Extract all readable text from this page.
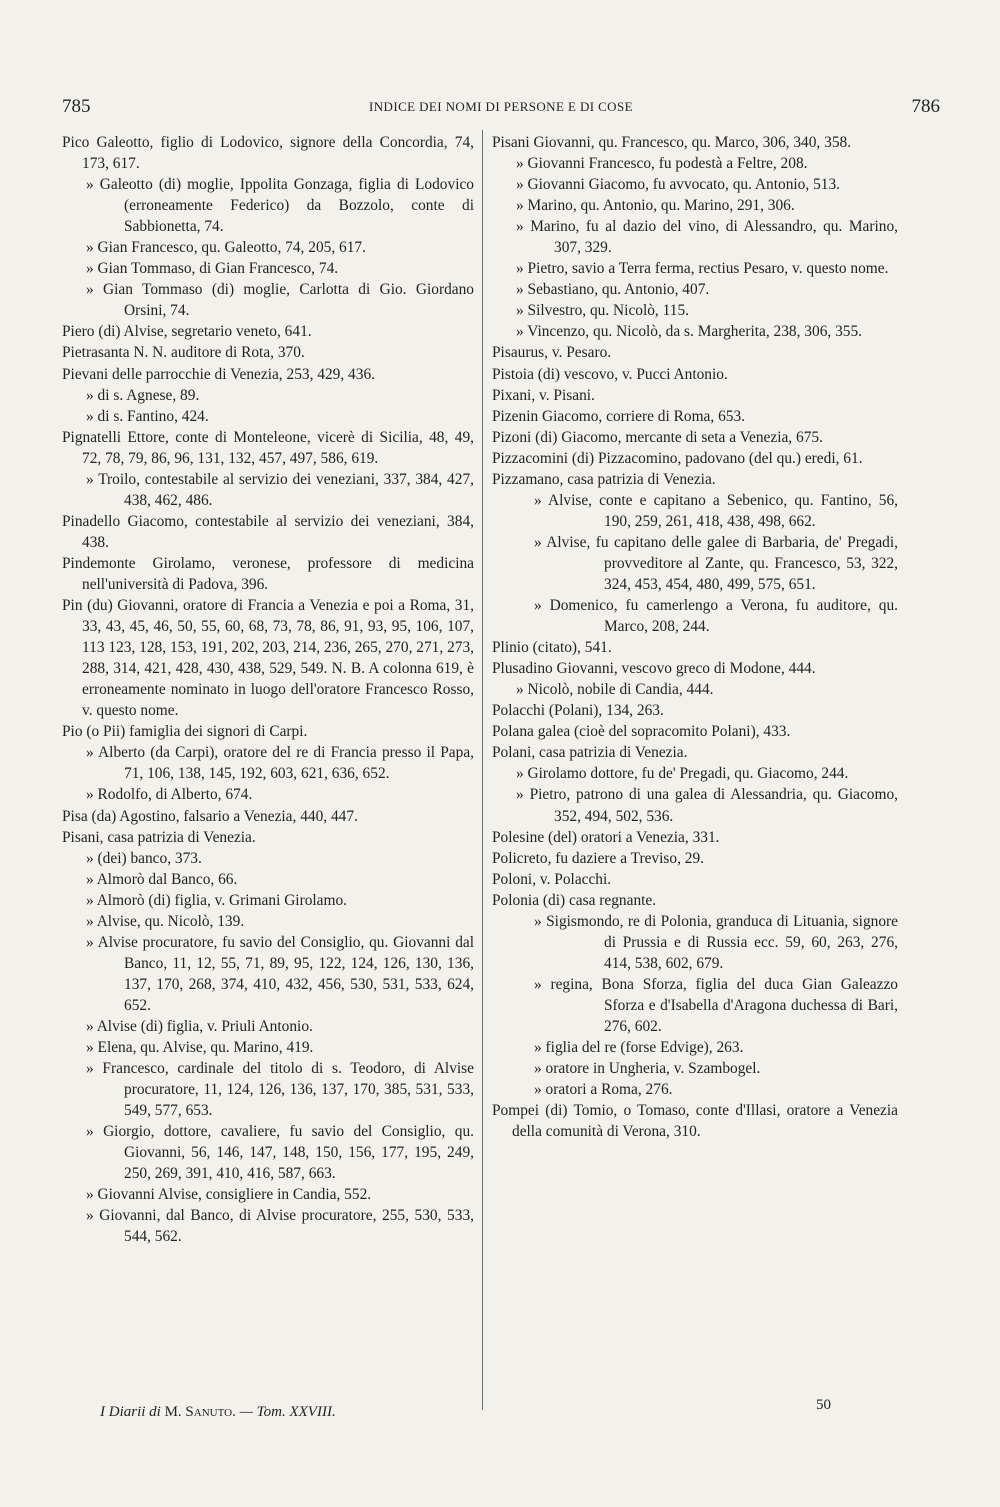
785	INDICE DEI NOMI DI PERSONE E DI COSE	786

Pico Galeotto, figlio di Lodovico, signore della Concordia, 74, 173, 617.

» Galeotto (di) moglie, Ippolita Gonzaga, figlia di Lodovico (erroneamente Federico) da Bozzolo, conte di Sabbionetta, 74.

» Gian Francesco, qu. Galeotto, 74, 205, 617.

» Gian Tommaso, di Gian Francesco, 74.

» Gian Tommaso (di) moglie, Carlotta di Gio. Giordano Orsini, 74.

Piero (di) Alvise, segretario veneto, 641.

Pietrasanta N. N. auditore di Rota, 370.

Pievani delle parrocchie di Venezia, 253, 429, 436.

» di s. Agnese, 89.

» di s. Fantino, 424.

Pignatelli Ettore, conte di Monteleone, vicerè di Sicilia, 48, 49, 72, 78, 79, 86, 96, 131, 132, 457, 497, 586, 619.

» Troilo, contestabile al servizio dei veneziani, 337, 384, 427, 438, 462, 486.

Pinadello Giacomo, contestabile al servizio dei veneziani, 384, 438.

Pindemonte Girolamo, veronese, professore di medicina nell'università di Padova, 396.

Pin (du) Giovanni, oratore di Francia a Venezia e poi a Roma, 31, 33, 43, 45, 46, 50, 55, 60, 68, 73, 78, 86, 91, 93, 95, 106, 107, 113 123, 128, 153, 191, 202, 203, 214, 236, 265, 270, 271, 273, 288, 314, 421, 428, 430, 438, 529, 549. N. B. A colonna 619, è erroneamente nominato in luogo dell'oratore Francesco Rosso, v. questo nome.

Pio (o Pii) famiglia dei signori di Carpi.

» Alberto (da Carpi), oratore del re di Francia presso il Papa, 71, 106, 138, 145, 192, 603, 621, 636, 652.

» Rodolfo, di Alberto, 674.

Pisa (da) Agostino, falsario a Venezia, 440, 447.

Pisani, casa patrizia di Venezia.

» (dei) banco, 373.

» Almorò dal Banco, 66.

» Almorò (di) figlia, v. Grimani Girolamo.

» Alvise, qu. Nicolò, 139.

» Alvise procuratore, fu savio del Consiglio, qu. Giovanni dal Banco, 11, 12, 55, 71, 89, 95, 122, 124, 126, 130, 136, 137, 170, 268, 374, 410, 432, 456, 530, 531, 533, 624, 652.

» Alvise (di) figlia, v. Priuli Antonio.

» Elena, qu. Alvise, qu. Marino, 419.

» Francesco, cardinale del titolo di s. Teodoro, di Alvise procuratore, 11, 124, 126, 136, 137, 170, 385, 531, 533, 549, 577, 653.

» Giorgio, dottore, cavaliere, fu savio del Consiglio, qu. Giovanni, 56, 146, 147, 148, 150, 156, 177, 195, 249, 250, 269, 391, 410, 416, 587, 663.

» Giovanni Alvise, consigliere in Candia, 552.

» Giovanni, dal Banco, di Alvise procuratore, 255, 530, 533, 544, 562.

Pisani Giovanni, qu. Francesco, qu. Marco, 306, 340, 358.

» Giovanni Francesco, fu podestà a Feltre, 208.

» Giovanni Giacomo, fu avvocato, qu. Antonio, 513.

» Marino, qu. Antonio, qu. Marino, 291, 306.

» Marino, fu al dazio del vino, di Alessandro, qu. Marino, 307, 329.

» Pietro, savio a Terra ferma, rectius Pesaro, v. questo nome.

» Sebastiano, qu. Antonio, 407.

» Silvestro, qu. Nicolò, 115.

» Vincenzo, qu. Nicolò, da s. Margherita, 238, 306, 355.

Pisaurus, v. Pesaro.

Pistoia (di) vescovo, v. Pucci Antonio.

Pixani, v. Pisani.

Pizenin Giacomo, corriere di Roma, 653.

Pizoni (di) Giacomo, mercante di seta a Venezia, 675.

Pizzacomini (di) Pizzacomino, padovano (del qu.) eredi, 61.

Pizzamano, casa patrizia di Venezia.

» Alvise, conte e capitano a Sebenico, qu. Fantino, 56, 190, 259, 261, 418, 438, 498, 662.

» Alvise, fu capitano delle galee di Barbaria, de' Pregadi, provveditore al Zante, qu. Francesco, 53, 322, 324, 453, 454, 480, 499, 575, 651.

» Domenico, fu camerlengo a Verona, fu auditore, qu. Marco, 208, 244.

Plinio (citato), 541.

Plusadino Giovanni, vescovo greco di Modone, 444.

» Nicolò, nobile di Candia, 444.

Polacchi (Polani), 134, 263.

Polana galea (cioè del sopracomito Polani), 433.

Polani, casa patrizia di Venezia.

» Girolamo dottore, fu de' Pregadi, qu. Giacomo, 244.

» Pietro, patrono di una galea di Alessandria, qu. Giacomo, 352, 494, 502, 536.

Polesine (del) oratori a Venezia, 331.

Policreto, fu daziere a Treviso, 29.

Poloni, v. Polacchi.

Polonia (di) casa regnante.

» Sigismondo, re di Polonia, granduca di Lituania, signore di Prussia e di Russia ecc. 59, 60, 263, 276, 414, 538, 602, 679.

» regina, Bona Sforza, figlia del duca Gian Galeazzo Sforza e d'Isabella d'Aragona duchessa di Bari, 276, 602.

» figlia del re (forse Edvige), 263.

» oratore in Ungheria, v. Szambogel.

» oratori a Roma, 276.

Pompei (di) Tomio, o Tomaso, conte d'Illasi, oratore a Venezia della comunità di Verona, 310.

I Diarii di M. Sanuto. — Tom. XXVIII.	50
